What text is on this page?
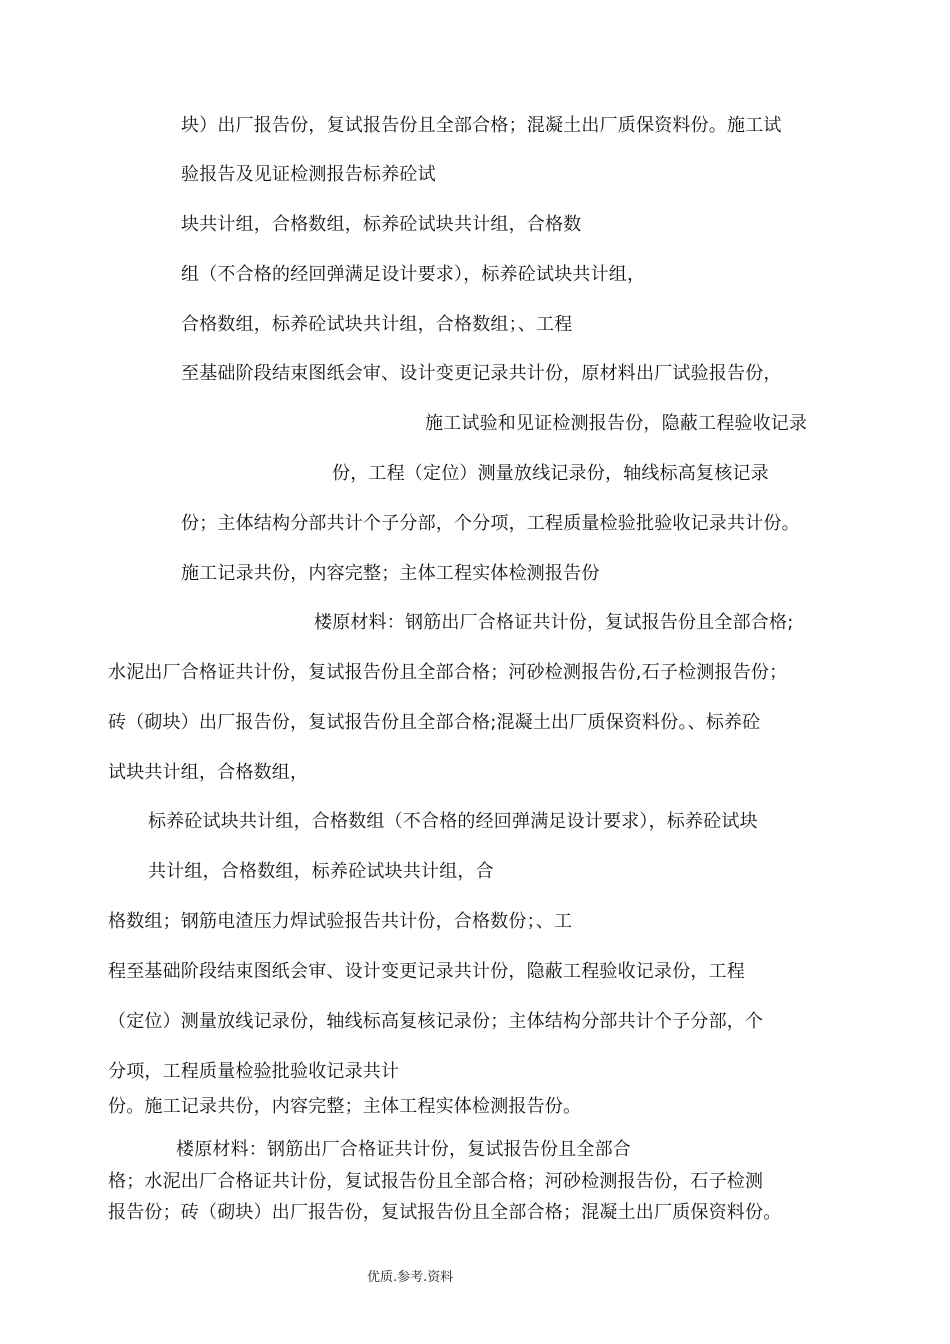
块）出厂报告份，复试报告份且全部合格；混凝土出厂质保资料份。施工试

验报告及见证检测报告标养砼试

块共计组，合格数组，标养砼试块共计组，合格数

组（不合格的经回弹满足设计要求），标养砼试块共计组，

合格数组，标养砼试块共计组，合格数组；、工程

至基础阶段结束图纸会审、设计变更记录共计份，原材料出厂试验报告份，

施工试验和见证检测报告份，隐蔽工程验收记录

份，工程（定位）测量放线记录份，轴线标高复核记录

份；主体结构分部共计个子分部，个分项，工程质量检验批验收记录共计份。

施工记录共份，内容完整；主体工程实体检测报告份

楼原材料：钢筋出厂合格证共计份，复试报告份且全部合格;

水泥出厂合格证共计份，复试报告份且全部合格；河砂检测报告份,石子检测报告份；

砖（砌块）出厂报告份，复试报告份且全部合格;混凝土出厂质保资料份。、标养砼

试块共计组，合格数组，

标养砼试块共计组，合格数组（不合格的经回弹满足设计要求），标养砼试块

共计组，合格数组，标养砼试块共计组，合

格数组；钢筋电渣压力焊试验报告共计份，合格数份；、工

程至基础阶段结束图纸会审、设计变更记录共计份，隐蔽工程验收记录份，工程

（定位）测量放线记录份，轴线标高复核记录份；主体结构分部共计个子分部，个

分项，工程质量检验批验收记录共计

份。施工记录共份，内容完整；主体工程实体检测报告份。

楼原材料：钢筋出厂合格证共计份，复试报告份且全部合

格；水泥出厂合格证共计份，复试报告份且全部合格；河砂检测报告份，石子检测

报告份；砖（砌块）出厂报告份，复试报告份且全部合格；混凝土出厂质保资料份。

优质.参考.资料
